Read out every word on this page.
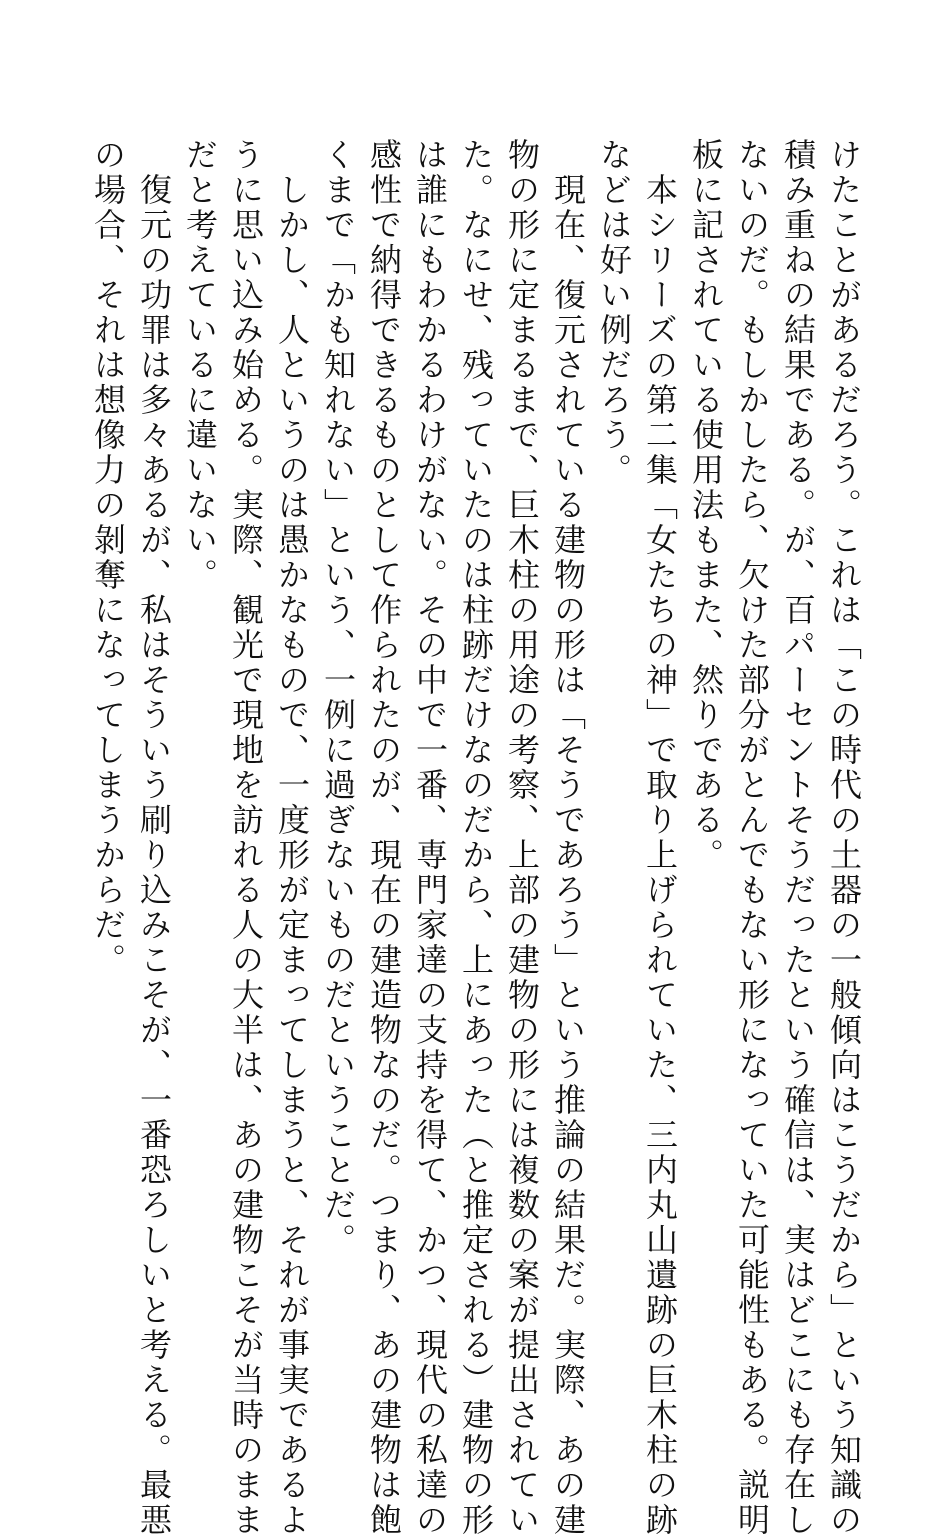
けたことがあるだろう。これは「この時代の土器の一般傾向はこうだから」という知識の
積み重ねの結果である。が、百パーセントそうだったという確信は、実はどこにも存在し
ないのだ。もしかしたら、欠けた部分がとんでもない形になっていた可能性もある。説明
板に記されている使用法もまた、然りである。
　本シリーズの第二集「女たちの神」で取り上げられていた、三内丸山遺跡の巨木柱の跡
などは好い例だろう。
　現在、復元されている建物の形は「そうであろう」という推論の結果だ。実際、あの建
物の形に定まるまで、巨木柱の用途の考察、上部の建物の形には複数の案が提出されてい
た。なにせ、残っていたのは柱跡だけなのだから、上にあった（と推定される）建物の形
は誰にもわかるわけがない。その中で一番、専門家達の支持を得て、かつ、現代の私達の
感性で納得できるものとして作られたのが、現在の建造物なのだ。つまり、あの建物は飽
くまで「かも知れない」という、一例に過ぎないものだということだ。
　しかし、人というのは愚かなもので、一度形が定まってしまうと、それが事実であるよ
うに思い込み始める。実際、観光で現地を訪れる人の大半は、あの建物こそが当時のまま
だと考えているに違いない。
　復元の功罪は多々あるが、私はそういう刷り込みこそが、一番恐ろしいと考える。最悪
の場合、それは想像力の剝奪になってしまうからだ。
